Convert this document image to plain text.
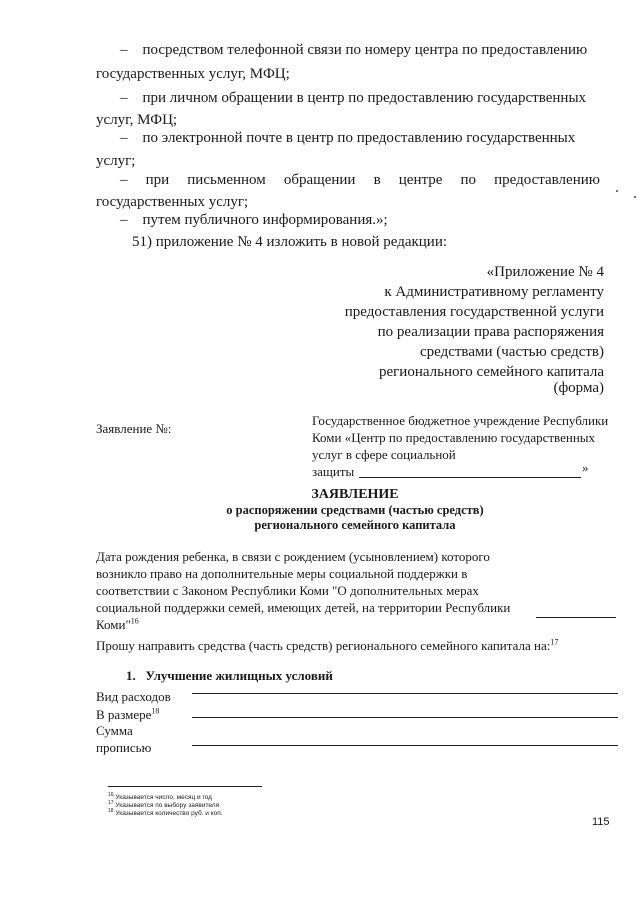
– посредством телефонной связи по номеру центра по предоставлению
государственных услуг, МФЦ;
– при личном обращении в центр по предоставлению государственных
услуг, МФЦ;
– по электронной почте в центр по предоставлению государственных
услуг;
– при письменном обращении в центре по предоставлению
государственных услуг;
– путем публичного информирования.»;
51) приложение № 4 изложить в новой редакции:
«Приложение № 4
к Административному регламенту
предоставления государственной услуги
по реализации права распоряжения
средствами (частью средств)
регионального семейного капитала
(форма)
Заявление №:
Государственное бюджетное учреждение Республики
Коми «Центр по предоставлению государственных
услуг в сфере социальной
защиты	»
ЗАЯВЛЕНИЕ
о распоряжении средствами (частью средств)
регионального семейного капитала
Дата рождения ребенка, в связи с рождением (усыновлением) которого
возникло право на дополнительные меры социальной поддержки в
соответствии с Законом Республики Коми "О дополнительных мерах
социальной поддержки семей, имеющих детей, на территории Республики
Коми"$^{16}$
Прошу направить средства (часть средств) регионального семейного капитала на:$^{17}$
1. Улучшение жилищных условий
Вид расходов
В размере$^{18}$
Сумма
прописью
$^{16}$ Указывается число, месяц и год
$^{17}$ Указывается по выбору заявителя
$^{18}$ Указывается количество руб. и коп.
115
